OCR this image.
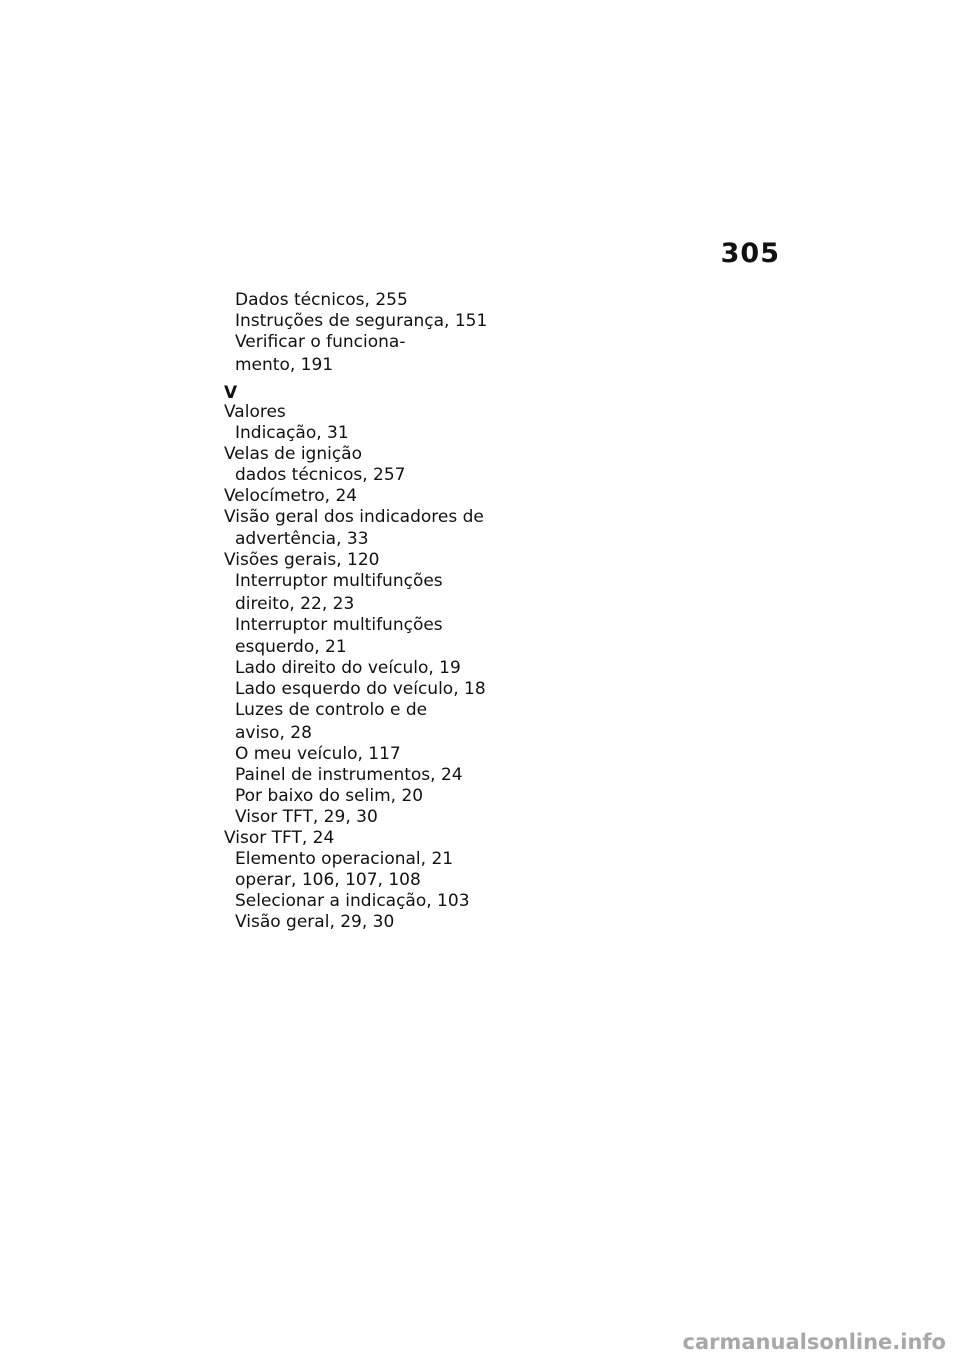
305
Dados técnicos, 255
Instruções de segurança, 151
Verificar o funciona-
mento, 191
V
Valores
Indicação, 31
Velas de ignição
dados técnicos, 257
Velocímetro, 24
Visão geral dos indicadores de
advertência, 33
Visões gerais, 120
Interruptor multifunções
direito, 22, 23
Interruptor multifunções
esquerdo, 21
Lado direito do veículo, 19
Lado esquerdo do veículo, 18
Luzes de controlo e de
aviso, 28
O meu veículo, 117
Painel de instrumentos, 24
Por baixo do selim, 20
Visor TFT, 29, 30
Visor TFT, 24
Elemento operacional, 21
operar, 106, 107, 108
Selecionar a indicação, 103
Visão geral, 29, 30
carmanualsonline.info
